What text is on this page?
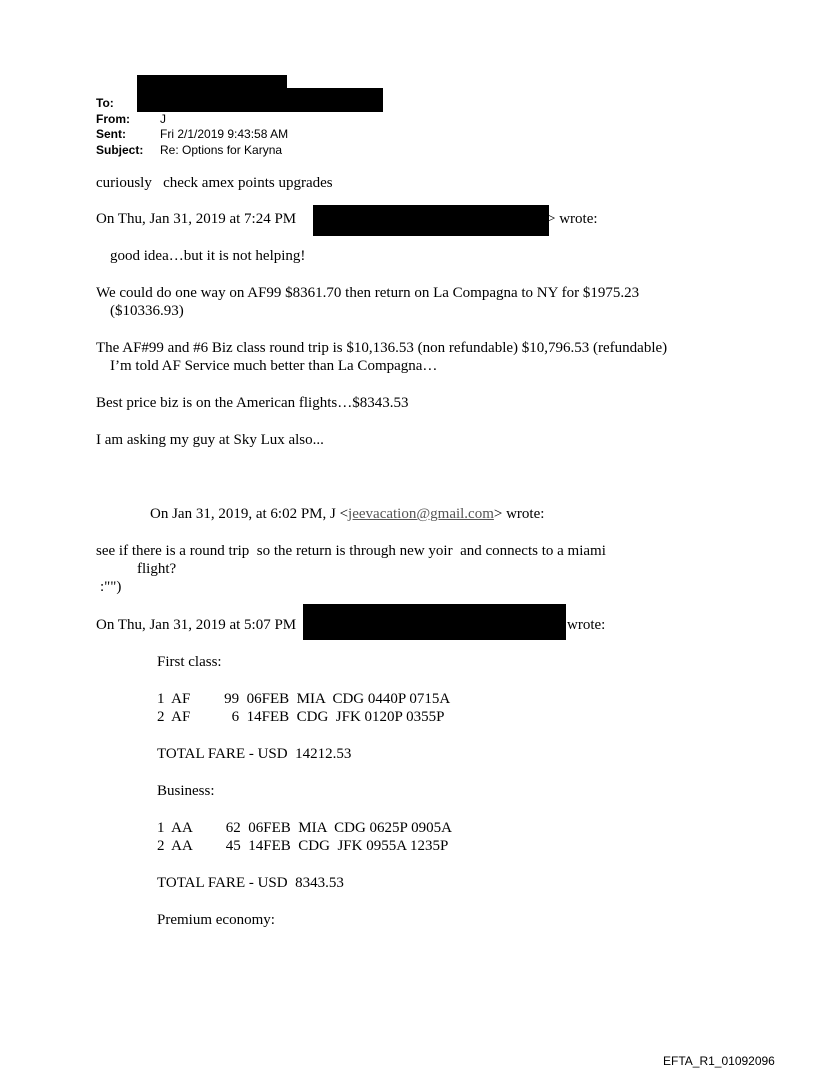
To:
From:	J
Sent:	Fri 2/1/2019 9:43:58 AM
Subject: Re: Options for Karyna
curiously   check amex points upgrades
On Thu, Jan 31, 2019 at 7:24 PM	> wrote:
good idea…but it is not helping!
We could do one way on AF99 $8361.70 then return on La Compagna to NY for $1975.23
($10336.93)
The AF#99 and #6 Biz class round trip is $10,136.53 (non refundable) $10,796.53 (refundable)
I’m told AF Service much better than La Compagna…
Best price biz is on the American flights…$8343.53
I am asking my guy at Sky Lux also...
On Jan 31, 2019, at 6:02 PM, J <jeevacation@gmail.com> wrote:
see if there is a round trip  so the return is through new yoir  and connects to a miami
flight?
:"")
On Thu, Jan 31, 2019 at 5:07 PM	wrote:
First class:
1  AF         99  06FEB  MIA  CDG 0440P 0715A
2  AF           6  14FEB  CDG  JFK 0120P 0355P
TOTAL FARE - USD  14212.53
Business:
1  AA         62  06FEB  MIA  CDG 0625P 0905A
2  AA         45  14FEB  CDG  JFK 0955A 1235P
TOTAL FARE - USD  8343.53
Premium economy:
EFTA_R1_01092096
